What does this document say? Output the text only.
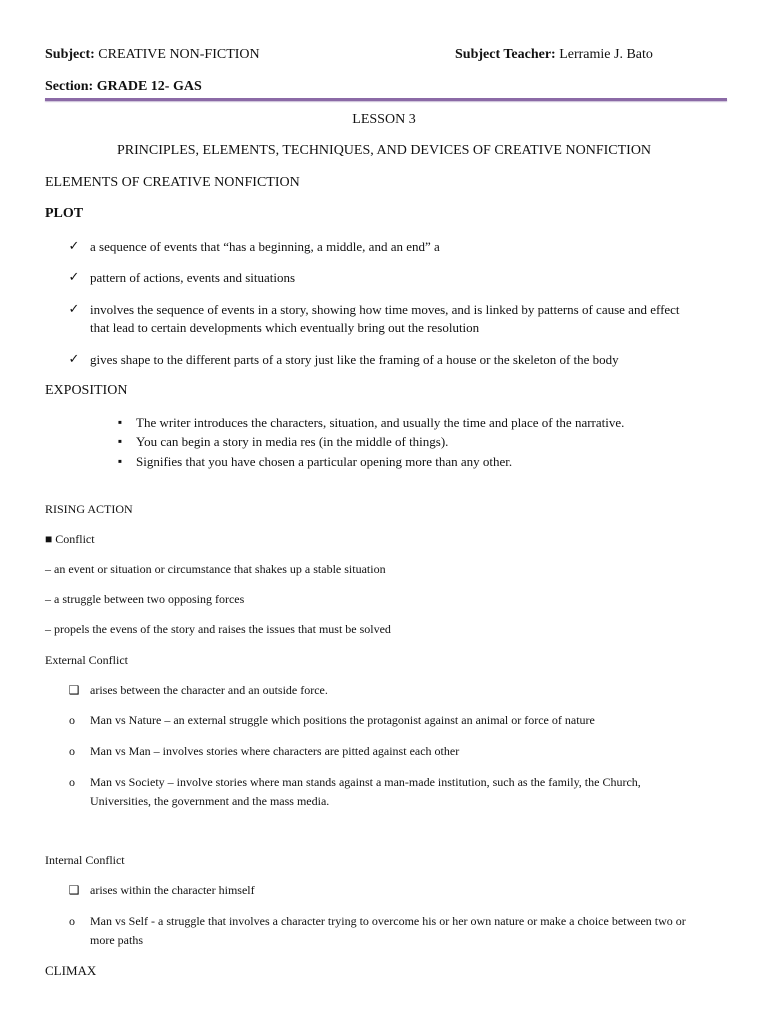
Subject: CREATIVE NON-FICTION	Subject Teacher: Lerramie J. Bato
Section: GRADE 12- GAS
LESSON 3
PRINCIPLES, ELEMENTS, TECHNIQUES, AND DEVICES OF CREATIVE NONFICTION
ELEMENTS OF CREATIVE NONFICTION
PLOT
✓ a sequence of events that “has a beginning, a middle, and an end” a
✓ pattern of actions, events and situations
✓ involves the sequence of events in a story, showing how time moves, and is linked by patterns of cause and effect
that lead to certain developments which eventually bring out the resolution
✓ gives shape to the different parts of a story just like the framing of a house or the skeleton of the body
EXPOSITION
▪	The writer introduces the characters, situation, and usually the time and place of the narrative.
▪	You can begin a story in media res (in the middle of things).
▪	Signifies that you have chosen a particular opening more than any other.
RISING ACTION
■ Conflict
– an event or situation or circumstance that shakes up a stable situation
– a struggle between two opposing forces
– propels the evens of the story and raises the issues that must be solved
External Conflict
❑ arises between the character and an outside force.
o	Man vs Nature – an external struggle which positions the protagonist against an animal or force of nature
o	Man vs Man – involves stories where characters are pitted against each other
o	Man vs Society – involve stories where man stands against a man-made institution, such as the family, the Church,
Universities, the government and the mass media.
Internal Conflict
❑ arises within the character himself
o	Man vs Self - a struggle that involves a character trying to overcome his or her own nature or make a choice between two or
more paths
CLIMAX
